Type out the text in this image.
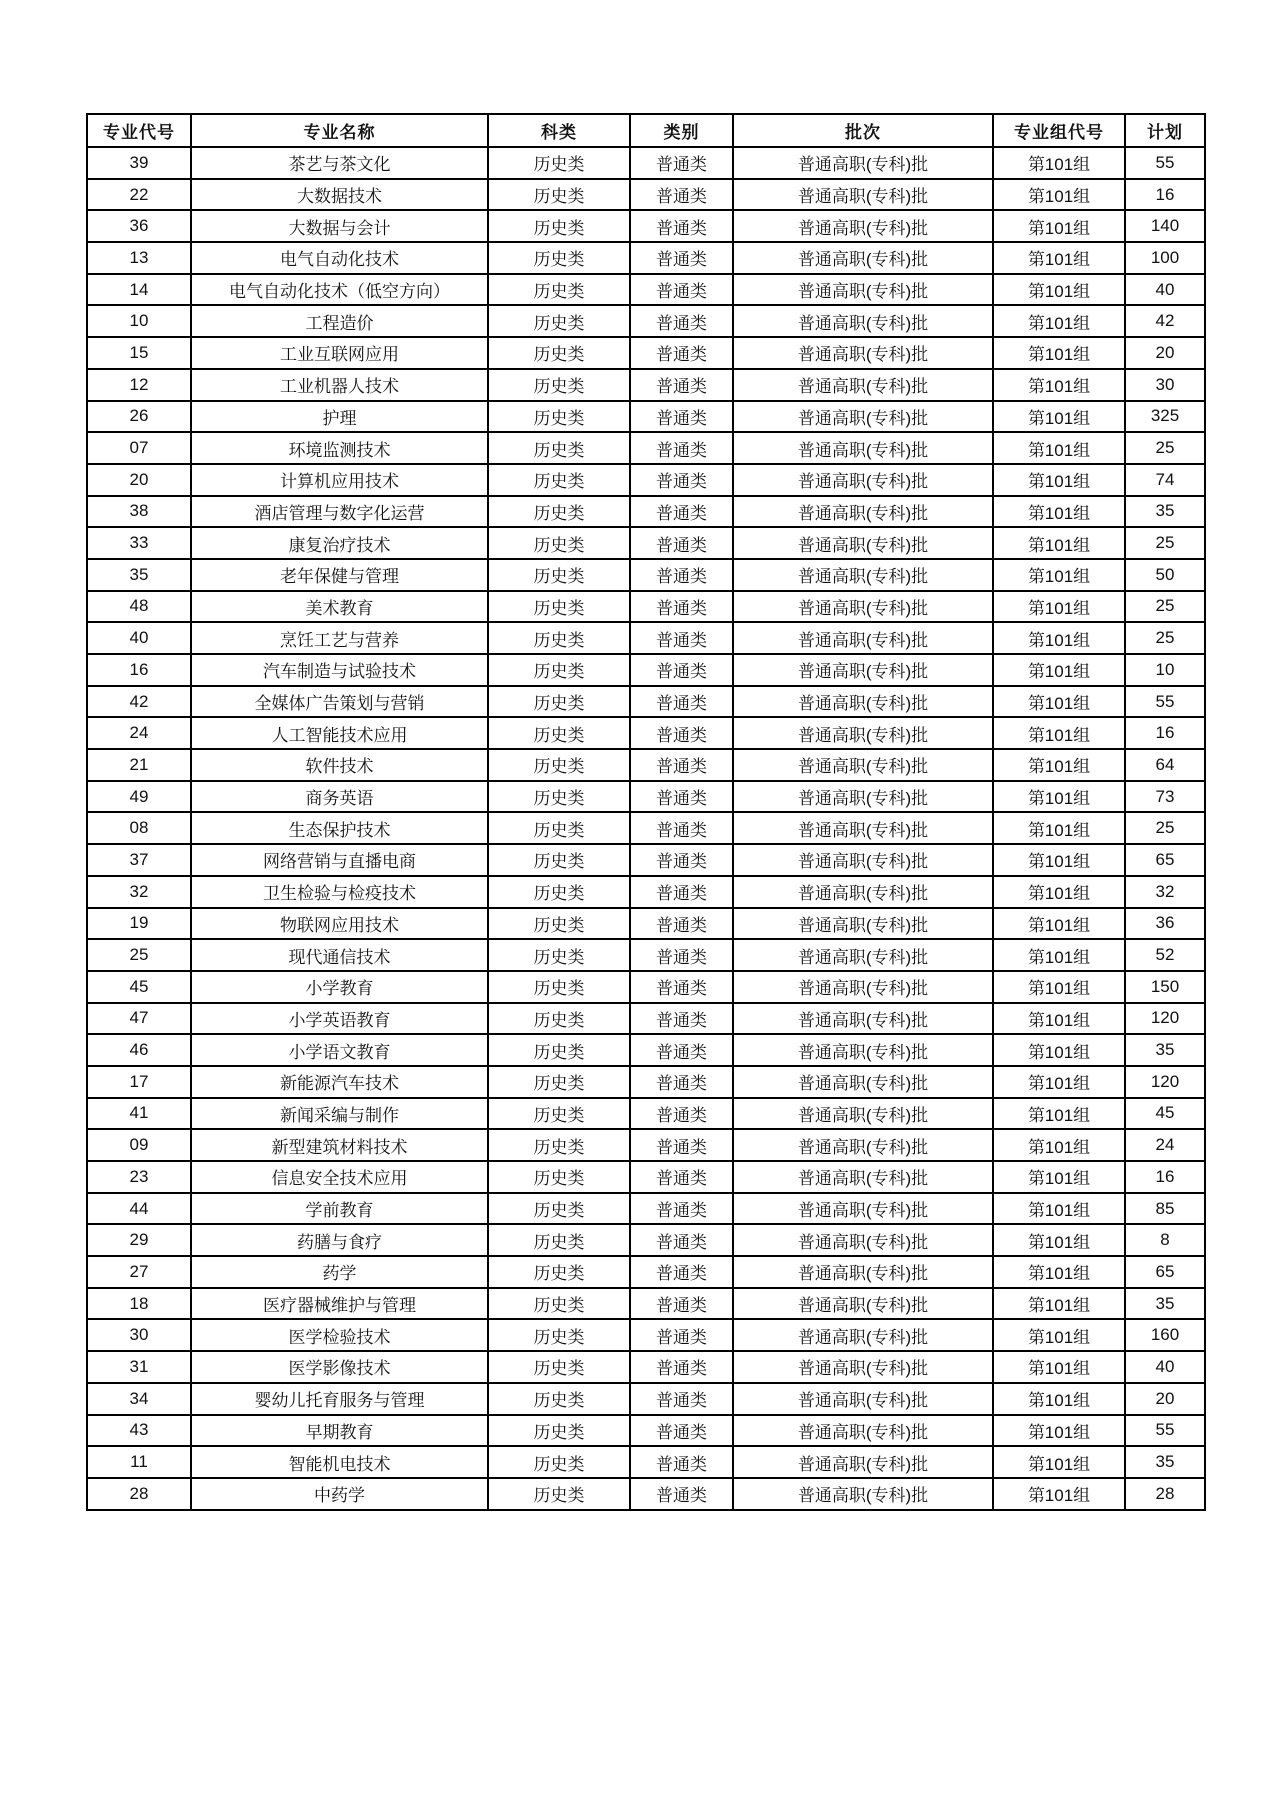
专业代号	专业名称	科类	类别	批次	专业组代号	计划
39	茶艺与茶文化	历史类	普通类	普通高职(专科)批	第101组	55
22	大数据技术	历史类	普通类	普通高职(专科)批	第101组	16
36	大数据与会计	历史类	普通类	普通高职(专科)批	第101组	140
13	电气自动化技术	历史类	普通类	普通高职(专科)批	第101组	100
14	电气自动化技术（低空方向）	历史类	普通类	普通高职(专科)批	第101组	40
10	工程造价	历史类	普通类	普通高职(专科)批	第101组	42
15	工业互联网应用	历史类	普通类	普通高职(专科)批	第101组	20
12	工业机器人技术	历史类	普通类	普通高职(专科)批	第101组	30
26	护理	历史类	普通类	普通高职(专科)批	第101组	325
07	环境监测技术	历史类	普通类	普通高职(专科)批	第101组	25
20	计算机应用技术	历史类	普通类	普通高职(专科)批	第101组	74
38	酒店管理与数字化运营	历史类	普通类	普通高职(专科)批	第101组	35
33	康复治疗技术	历史类	普通类	普通高职(专科)批	第101组	25
35	老年保健与管理	历史类	普通类	普通高职(专科)批	第101组	50
48	美术教育	历史类	普通类	普通高职(专科)批	第101组	25
40	烹饪工艺与营养	历史类	普通类	普通高职(专科)批	第101组	25
16	汽车制造与试验技术	历史类	普通类	普通高职(专科)批	第101组	10
42	全媒体广告策划与营销	历史类	普通类	普通高职(专科)批	第101组	55
24	人工智能技术应用	历史类	普通类	普通高职(专科)批	第101组	16
21	软件技术	历史类	普通类	普通高职(专科)批	第101组	64
49	商务英语	历史类	普通类	普通高职(专科)批	第101组	73
08	生态保护技术	历史类	普通类	普通高职(专科)批	第101组	25
37	网络营销与直播电商	历史类	普通类	普通高职(专科)批	第101组	65
32	卫生检验与检疫技术	历史类	普通类	普通高职(专科)批	第101组	32
19	物联网应用技术	历史类	普通类	普通高职(专科)批	第101组	36
25	现代通信技术	历史类	普通类	普通高职(专科)批	第101组	52
45	小学教育	历史类	普通类	普通高职(专科)批	第101组	150
47	小学英语教育	历史类	普通类	普通高职(专科)批	第101组	120
46	小学语文教育	历史类	普通类	普通高职(专科)批	第101组	35
17	新能源汽车技术	历史类	普通类	普通高职(专科)批	第101组	120
41	新闻采编与制作	历史类	普通类	普通高职(专科)批	第101组	45
09	新型建筑材料技术	历史类	普通类	普通高职(专科)批	第101组	24
23	信息安全技术应用	历史类	普通类	普通高职(专科)批	第101组	16
44	学前教育	历史类	普通类	普通高职(专科)批	第101组	85
29	药膳与食疗	历史类	普通类	普通高职(专科)批	第101组	8
27	药学	历史类	普通类	普通高职(专科)批	第101组	65
18	医疗器械维护与管理	历史类	普通类	普通高职(专科)批	第101组	35
30	医学检验技术	历史类	普通类	普通高职(专科)批	第101组	160
31	医学影像技术	历史类	普通类	普通高职(专科)批	第101组	40
34	婴幼儿托育服务与管理	历史类	普通类	普通高职(专科)批	第101组	20
43	早期教育	历史类	普通类	普通高职(专科)批	第101组	55
11	智能机电技术	历史类	普通类	普通高职(专科)批	第101组	35
28	中药学	历史类	普通类	普通高职(专科)批	第101组	28
